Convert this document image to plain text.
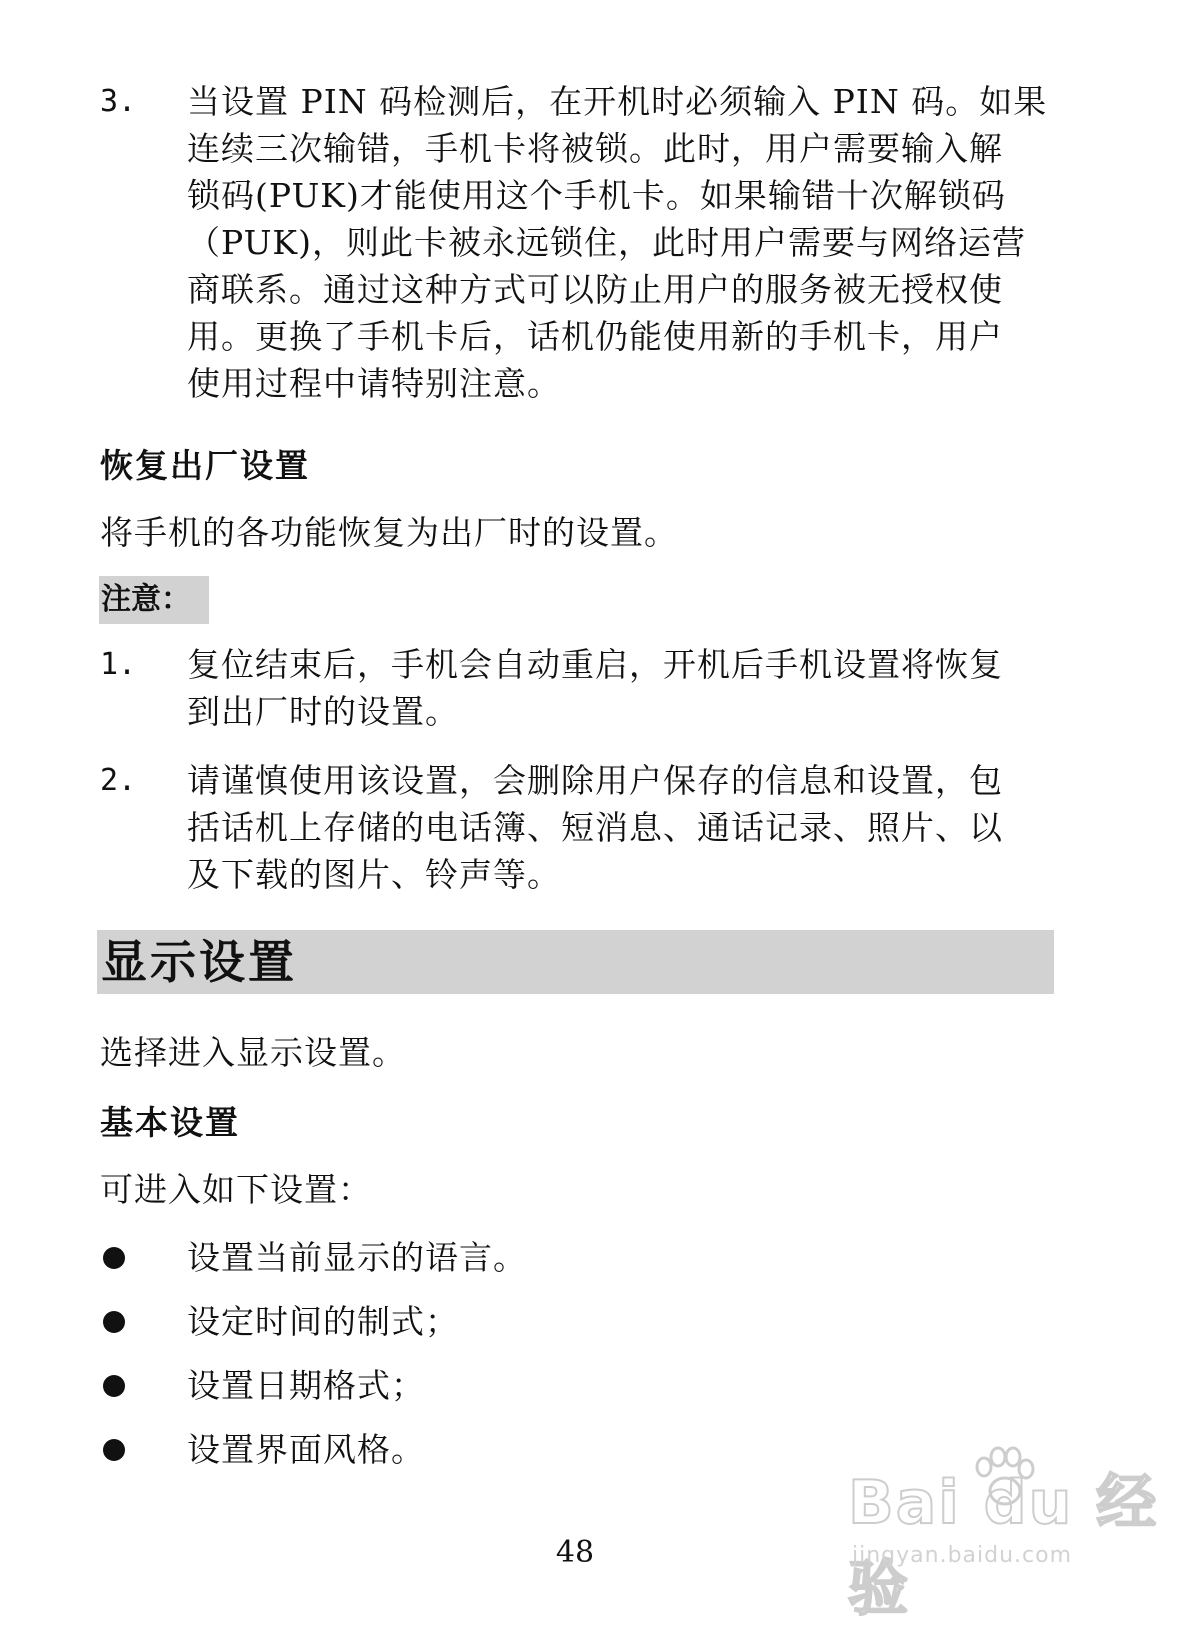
3. 当设置 PIN 码检测后，在开机时必须输入 PIN 码。如果
连续三次输错，手机卡将被锁。此时，用户需要输入解
锁码(PUK)才能使用这个手机卡。如果输错十次解锁码
（PUK)，则此卡被永远锁住，此时用户需要与网络运营
商联系。通过这种方式可以防止用户的服务被无授权使
用。更换了手机卡后，话机仍能使用新的手机卡，用户
使用过程中请特别注意。
恢复出厂设置
将手机的各功能恢复为出厂时的设置。
注意：
1. 复位结束后，手机会自动重启，开机后手机设置将恢复
到出厂时的设置。
2. 请谨慎使用该设置，会删除用户保存的信息和设置，包
括话机上存储的电话簿、短消息、通话记录、照片、以
及下载的图片、铃声等。
显示设置
选择进入显示设置。
基本设置
可进入如下设置：
设置当前显示的语言。
设定时间的制式；
设置日期格式；
设置界面风格。
48
Bai du 经验
jingyan.baidu.com
